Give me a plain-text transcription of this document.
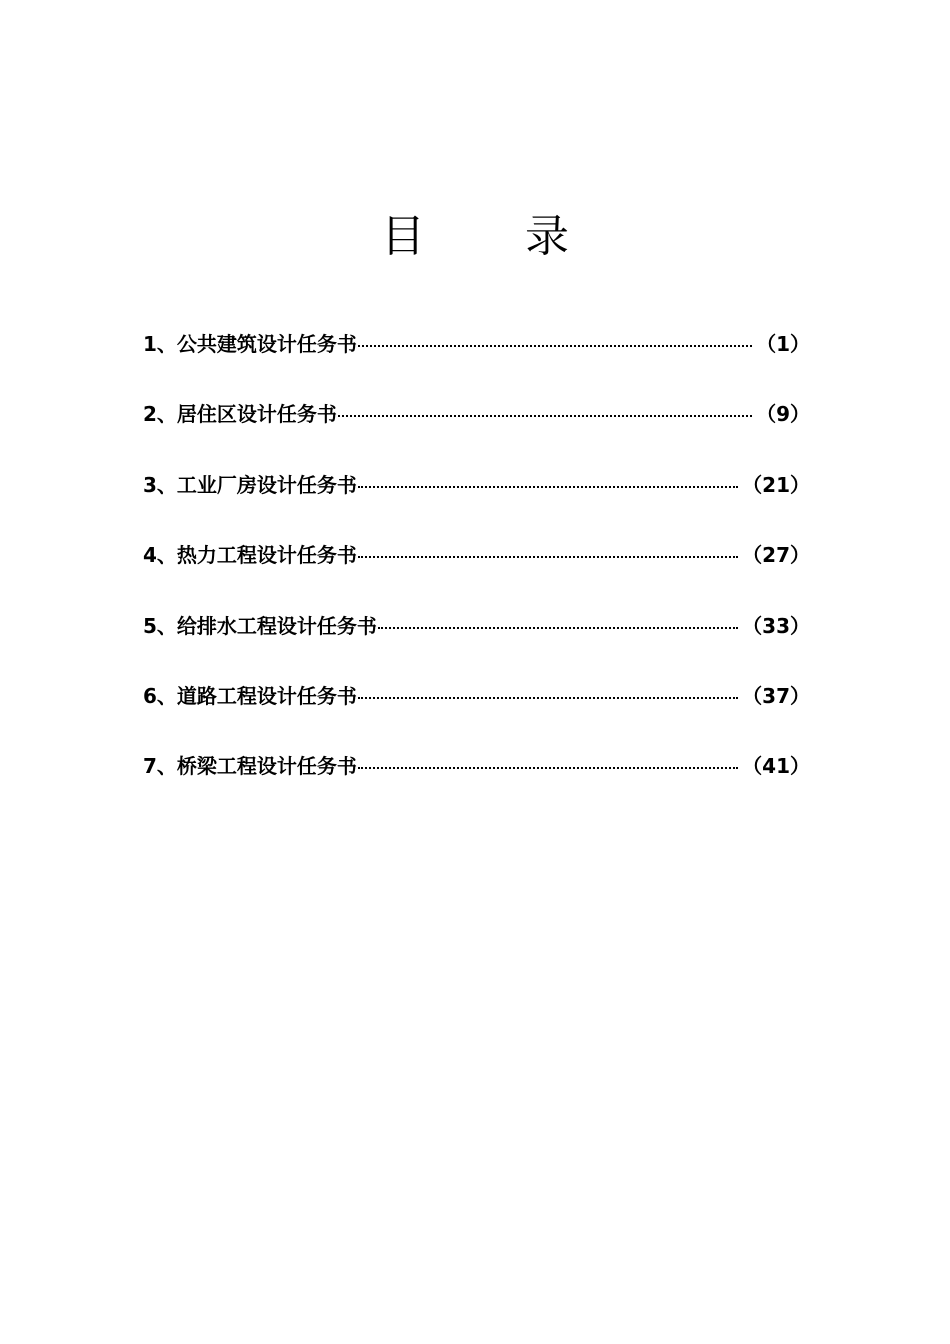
目 录
1 、 公共建筑设计任务书	（1）
2 、 居住区设计任务书	（9）
3 、 工业厂房设计任务书	（21）
4 、 热力工程设计任务书	（27）
5 、 给排水工程设计任务书	（33）
6 、 道路工程设计任务书	（37）
7 、 桥梁工程设计任务书	（41）
